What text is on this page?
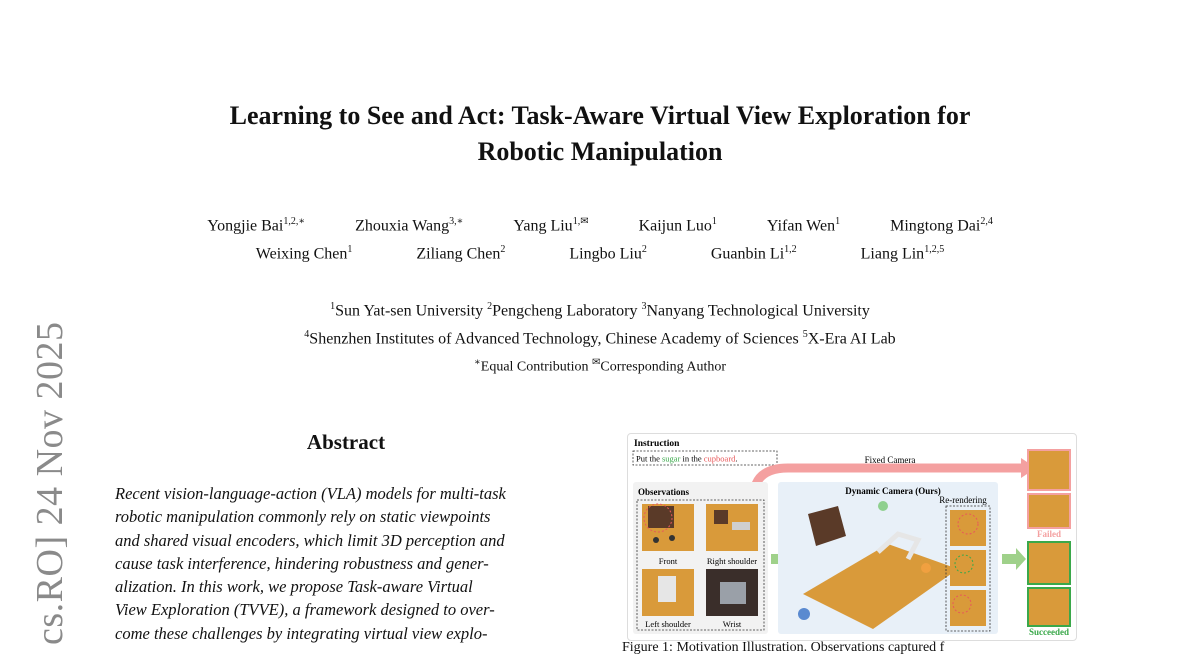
cs.RO] 24 Nov 2025
Learning to See and Act: Task-Aware Virtual View Exploration for
Robotic Manipulation
Yongjie Bai$^{1,2,∗}$	Zhouxia Wang$^{3,∗}$	Yang Liu$^{1,✉}$	Kaijun Luo$^1$	Yifan Wen$^1$	Mingtong Dai$^{2,4}$
Weixing Chen$^1$	Ziliang Chen$^2$	Lingbo Liu$^2$	Guanbin Li$^{1,2}$	Liang Lin$^{1,2,5}$
$^1$Sun Yat-sen University $^2$Pengcheng Laboratory $^3$Nanyang Technological University
$^4$Shenzhen Institutes of Advanced Technology, Chinese Academy of Sciences $^5$X-Era AI Lab
∗Equal Contribution ✉Corresponding Author
Abstract
Recent vision-language-action (VLA) models for multi-task
robotic manipulation commonly rely on static viewpoints
and shared visual encoders, which limit 3D perception and
cause task interference, hindering robustness and gener-
alization. In this work, we propose Task-aware Virtual
View Exploration (TVVE), a framework designed to over-
come these challenges by integrating virtual view explo-
Instruction
Put the sugar in the cupboard.	Fixed Camera
Observations
Front	Right shoulder
Left shoulder	Wrist
Dynamic Camera (Ours)
Re-rendering
Failed
Succeeded
Figure 1: Motivation Illustration. Observations captured f
